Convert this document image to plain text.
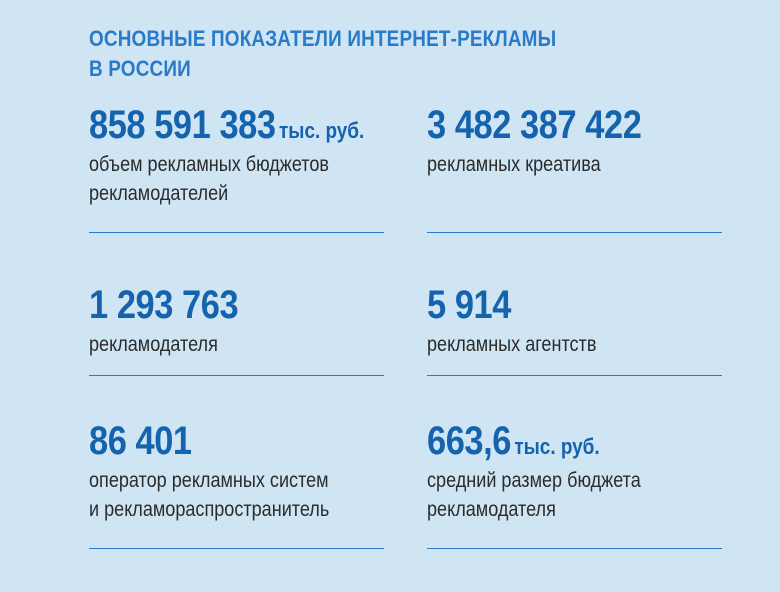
ОСНОВНЫЕ ПОКАЗАТЕЛИ ИНТЕРНЕТ-РЕКЛАМЫ
В РОССИИ
858 591 383 тыс. руб.
объем рекламных бюджетов
рекламодателей
3 482 387 422
рекламных креатива
1 293 763
рекламодателя
5 914
рекламных агентств
86 401
оператор рекламных систем
и рекламораспространитель
663,6 тыс. руб.
средний размер бюджета
рекламодателя
